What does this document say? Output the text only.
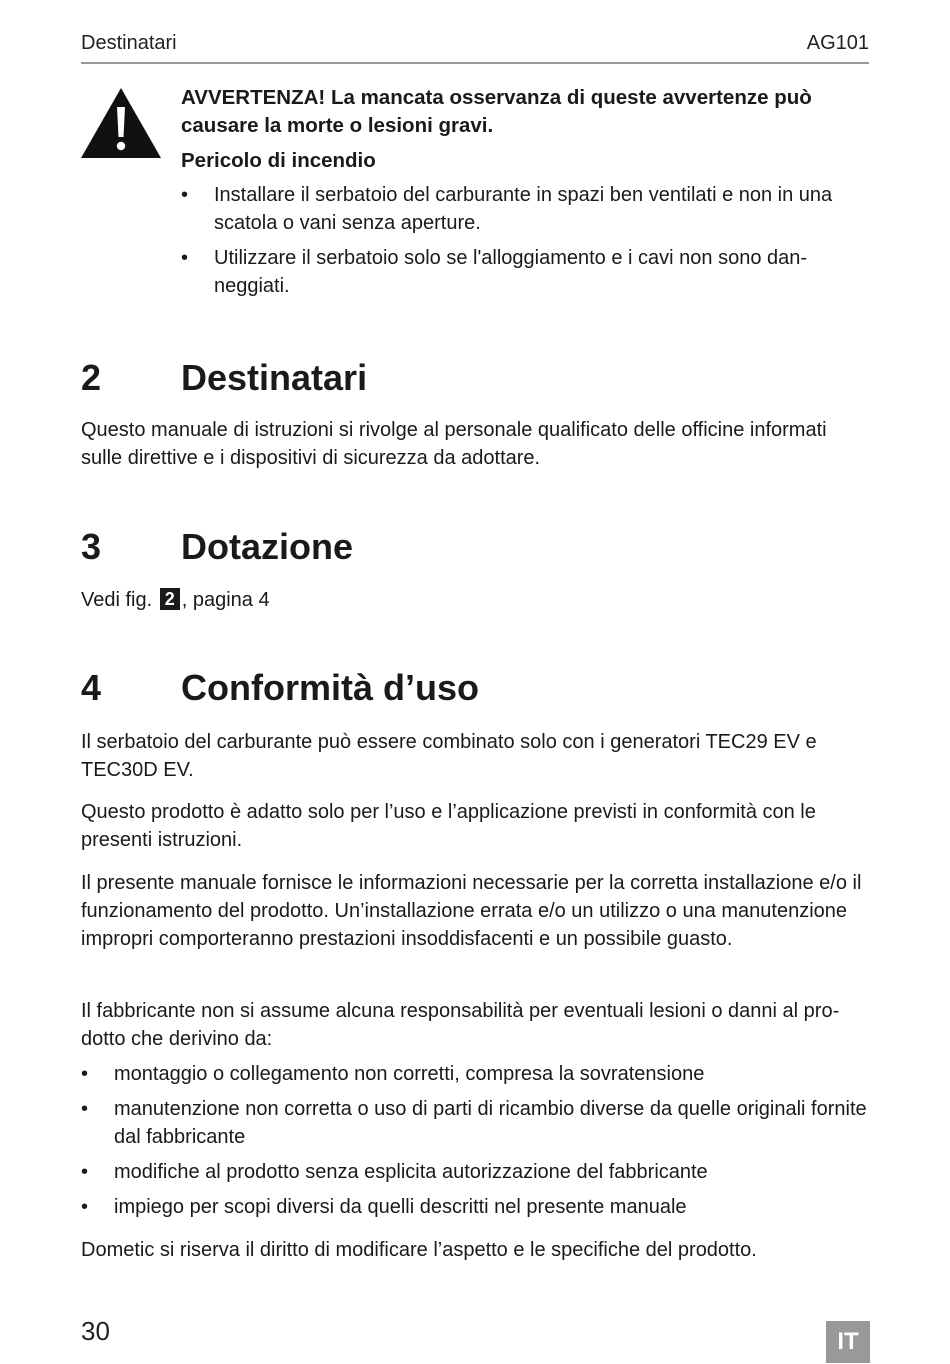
Destinatari	AG101

AVVERTENZA! La mancata osservanza di queste avvertenze può causare la morte o lesioni gravi.

Pericolo di incendio

• Installare il serbatoio del carburante in spazi ben ventilati e non in una scatola o vani senza aperture.
• Utilizzare il serbatoio solo se l'alloggiamento e i cavi non sono dan-neggiati.
2 Destinatari

Questo manuale di istruzioni si rivolge al personale qualificato delle officine informati sulle direttive e i dispositivi di sicurezza da adottare.

3 Dotazione

Vedi fig. 2 , pagina 4

4 Conformità d’uso

Il serbatoio del carburante può essere combinato solo con i generatori TEC29 EV e TEC30D EV.

Questo prodotto è adatto solo per l’uso e l’applicazione previsti in conformità con le presenti istruzioni.

Il presente manuale fornisce le informazioni necessarie per la corretta installazione e/o il funzionamento del prodotto. Un’installazione errata e/o un utilizzo o una manutenzione impropri comporteranno prestazioni insoddisfacenti e un possibile guasto.

Il fabbricante non si assume alcuna responsabilità per eventuali lesioni o danni al pro-dotto che derivino da:

• montaggio o collegamento non corretti, compresa la sovratensione
• manutenzione non corretta o uso di parti di ricambio diverse da quelle originali fornite dal fabbricante
• modifiche al prodotto senza esplicita autorizzazione del fabbricante
• impiego per scopi diversi da quelli descritti nel presente manuale

Dometic si riserva il diritto di modificare l’aspetto e le specifiche del prodotto.

30	IT
